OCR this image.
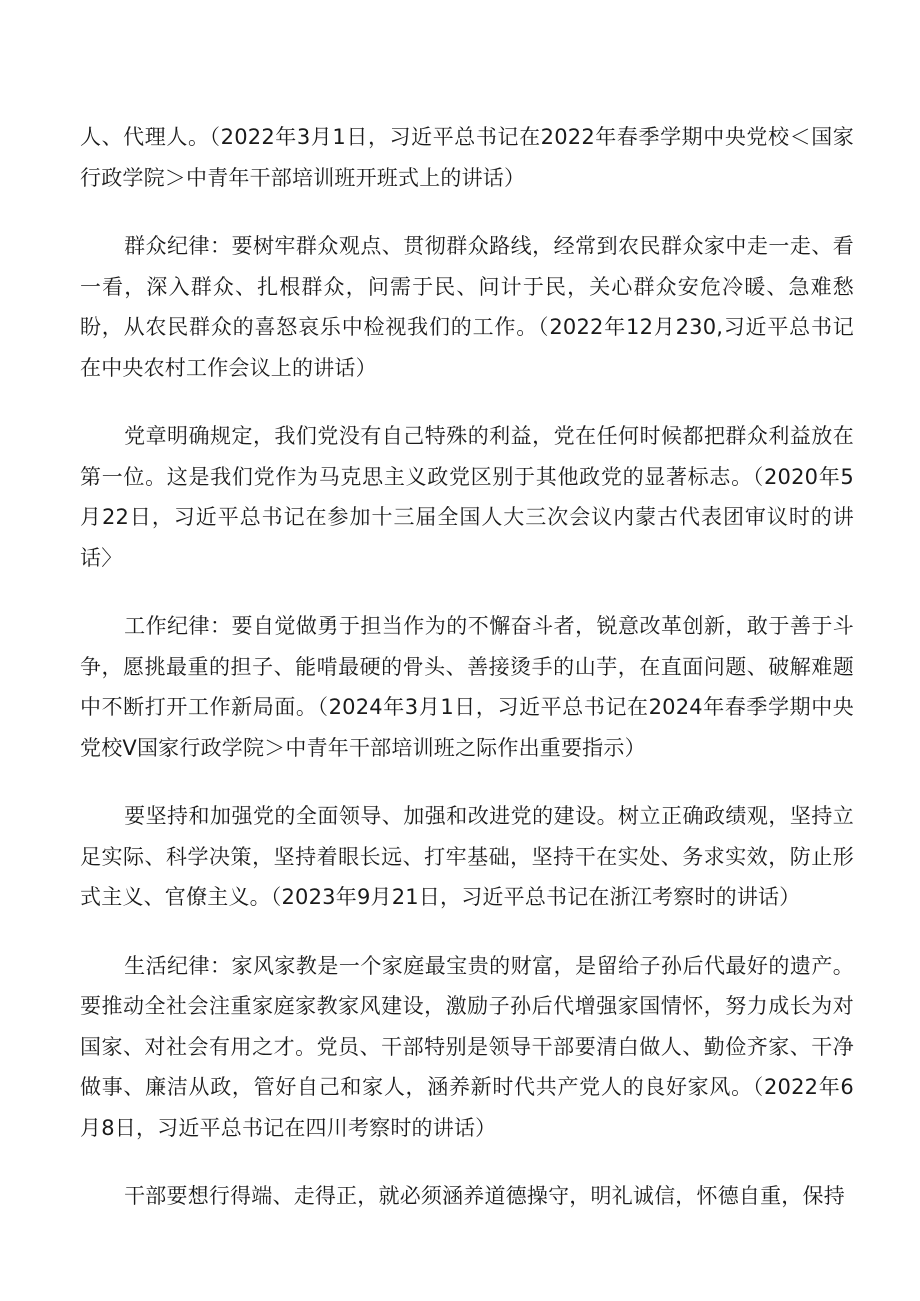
人、代理人。（2022年3月1日，习近平总书记在2022年春季学期中央党校＜国家行政学院＞中青年干部培训班开班式上的讲话）

群众纪律：要树牢群众观点、贯彻群众路线，经常到农民群众家中走一走、看一看，深入群众、扎根群众，问需于民、问计于民，关心群众安危冷暖、急难愁盼，从农民群众的喜怒哀乐中检视我们的工作。（2022年12月230,习近平总书记在中央农村工作会议上的讲话）

党章明确规定，我们党没有自己特殊的利益，党在任何时候都把群众利益放在第一位。这是我们党作为马克思主义政党区别于其他政党的显著标志。（2020年5月22日，习近平总书记在参加十三届全国人大三次会议内蒙古代表团审议时的讲话〉

工作纪律：要自觉做勇于担当作为的不懈奋斗者，锐意改革创新，敢于善于斗争，愿挑最重的担子、能啃最硬的骨头、善接烫手的山芋，在直面问题、破解难题中不断打开工作新局面。（2024年3月1日，习近平总书记在2024年春季学期中央党校V国家行政学院＞中青年干部培训班之际作出重要指示）

要坚持和加强党的全面领导、加强和改进党的建设。树立正确政绩观，坚持立足实际、科学决策，坚持着眼长远、打牢基础，坚持干在实处、务求实效，防止形式主义、官僚主义。（2023年9月21日，习近平总书记在浙江考察时的讲话）

生活纪律：家风家教是一个家庭最宝贵的财富，是留给子孙后代最好的遗产。要推动全社会注重家庭家教家风建设，激励子孙后代增强家国情怀，努力成长为对国家、对社会有用之才。党员、干部特别是领导干部要清白做人、勤俭齐家、干净做事、廉洁从政，管好自己和家人，涵养新时代共产党人的良好家风。（2022年6月8日，习近平总书记在四川考察时的讲话）

干部要想行得端、走得正，就必须涵养道德操守，明礼诚信，怀德自重，保持
